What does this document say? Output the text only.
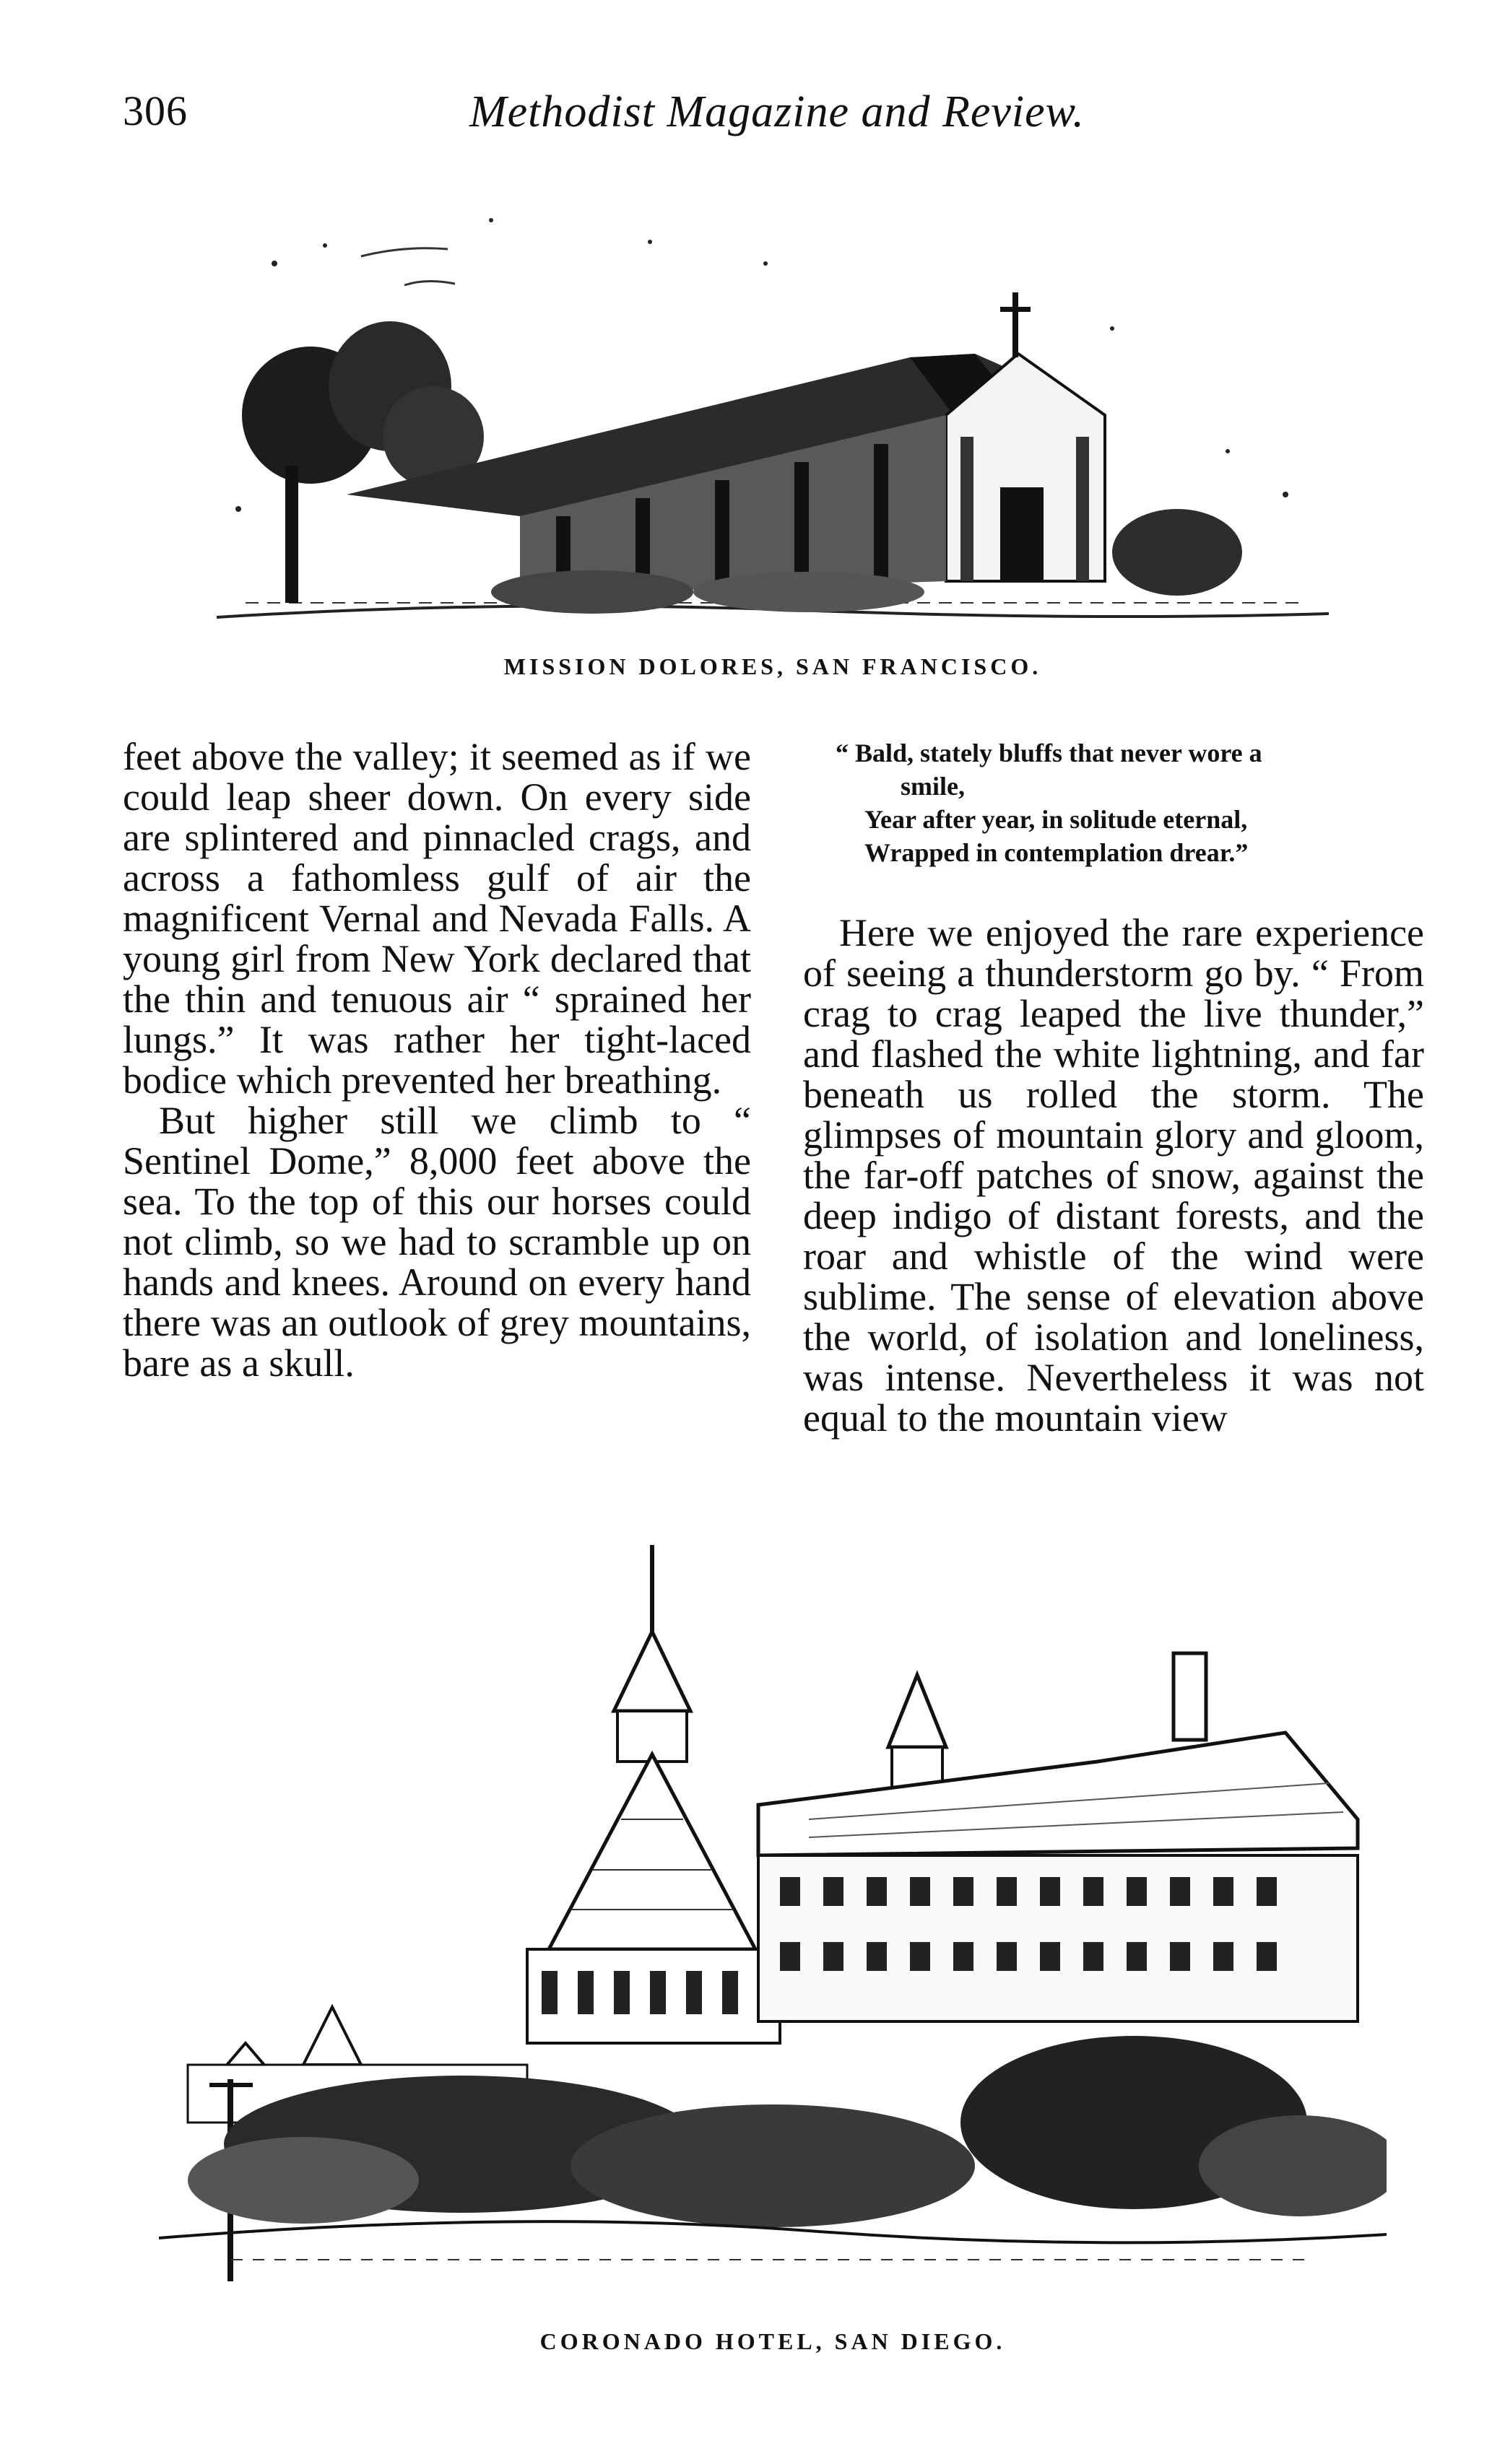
306	Methodist Magazine and Review.
MISSION DOLORES, SAN FRANCISCO.

feet above the valley; it seemed as if we could leap sheer down. On every side are splintered and pinnacled crags, and across a fathomless gulf of air the magnificent Vernal and Nevada Falls. A young girl from New York declared that the thin and tenuous air “ sprained her lungs.” It was rather her tight-laced bodice which prevented her breathing.

But higher still we climb to “ Sentinel Dome,” 8,000 feet above the sea. To the top of this our horses could not climb, so we had to scramble up on hands and knees. Around on every hand there was an outlook of grey mountains, bare as a skull.

“ Bald, stately bluffs that never wore a
smile,
Year after year, in solitude eternal,
Wrapped in contemplation drear.”

Here we enjoyed the rare experience of seeing a thunderstorm go by. “ From crag to crag leaped the live thunder,” and flashed the white lightning, and far beneath us rolled the storm. The glimpses of mountain glory and gloom, the far-off patches of snow, against the deep indigo of distant forests, and the roar and whistle of the wind were sublime. The sense of elevation above the world, of isolation and loneliness, was intense. Nevertheless it was not equal to the mountain view

CORONADO HOTEL, SAN DIEGO.
